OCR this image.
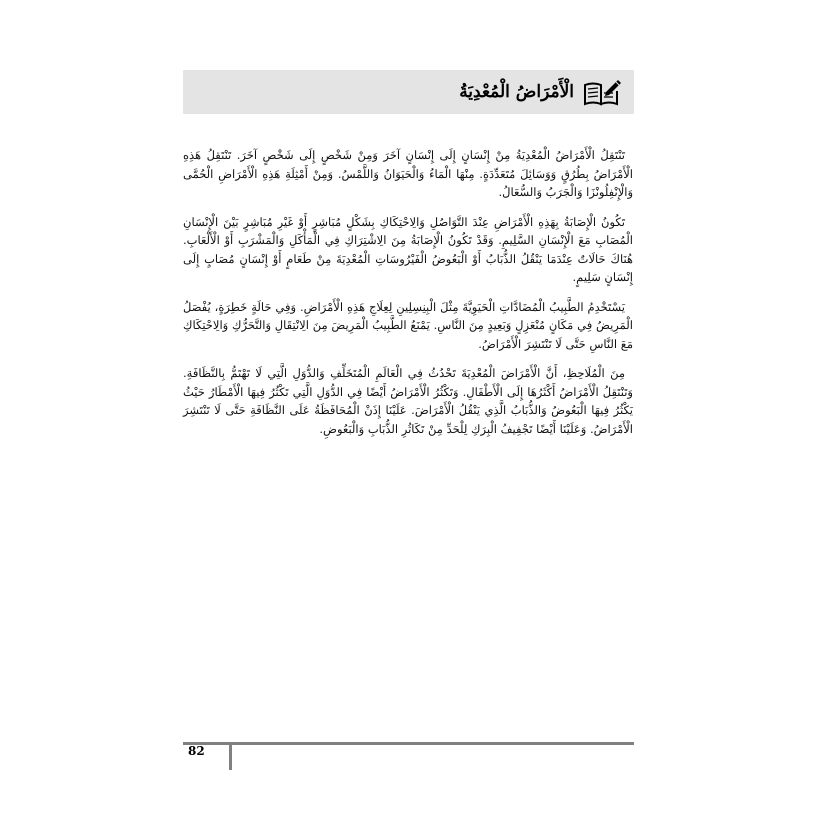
الْأَمْرَاضُ الْمُعْدِيَةُ

تَنْتَقِلُ الْأَمْرَاضُ الْمُعْدِيَةُ مِنْ إِنْسَانٍ إِلَى إِنْسَانٍ آخَرَ وَمِنْ شَخْصٍ إِلَى شَخْصٍ آخَرَ. تَنْتَقِلُ هَذِهِ الْأَمْرَاضُ بِطُرُقٍ وَوَسَائِلَ مُتَعَدِّدَةٍ. مِنْهَا الْمَاءُ وَالْحَيَوَانُ وَاللَّمْسُ. وَمِنْ أَمْثِلَةِ هَذِهِ الْأَمْرَاضِ الْحُمَّى وَالْإِنْفِلُونْزَا وَالْجَرَبُ وَالسُّعَالُ.

تَكُونُ الْإِصَابَةُ بِهَذِهِ الْأَمْرَاضِ عِنْدَ التَّوَاصُلِ وَالِاحْتِكَاكِ بِشَكْلٍ مُبَاشِرٍ أَوْ غَيْرِ مُبَاشِرٍ بَيْنَ الْإِنْسَانِ الْمُصَابِ مَعَ الْإِنْسَانِ السَّلِيمِ. وَقَدْ تَكُونُ الْإِصَابَةُ مِنَ الِاشْتِرَاكِ فِي الْمَأْكَلِ وَالْمَشْرَبِ أَوْ الْأَلْعَابِ. هُنَاكَ حَالَاتٌ عِنْدَمَا يَنْقُلُ الذُّبَابُ أَوْ الْبَعُوضُ الْفَيْرُوسَاتِ الْمُعْدِيَةَ مِنْ طَعَامٍ أَوْ إِنْسَانٍ مُصَابٍ إِلَى إِنْسَانٍ سَلِيمٍ.

يَسْتَخْدِمُ الطَّبِيبُ الْمُضَادَّاتِ الْحَيَوِيَّةَ مِثْلَ الْبِنِسِلِينِ لِعِلَاجِ هَذِهِ الْأَمْرَاضِ. وَفِي حَالَةٍ خَطِرَةٍ، يُفْصَلُ الْمَرِيضُ فِي مَكَانٍ مُنْعَزِلٍ وَبَعِيدٍ مِنَ النَّاسِ. يَمْنَعُ الطَّبِيبُ الْمَرِيضَ مِنَ الِانْتِقَالِ وَالتَّحَرُّكِ وَالِاحْتِكَاكِ مَعَ النَّاسِ حَتَّى لَا تَنْتَشِرَ الْأَمْرَاضُ.

مِنَ الْمُلَاحِظِ، أَنَّ الْأَمْرَاضَ الْمُعْدِيَةَ تَحْدُثُ فِي الْعَالَمِ الْمُتَخَلِّفِ وَالدُّوَلِ الَّتِي لَا تَهْتَمُّ بِالنَّظَافَةِ. وَتَنْتَقِلُ الْأَمْرَاضُ أَكْثَرُهَا إِلَى الْأَطْفَالِ. وَتَكْثُرُ الْأَمْرَاضُ أَيْضًا فِي الدُّوَلِ الَّتِي تَكْثُرُ فِيهَا الْأَمْطَارُ حَيْثُ يَكْثُرُ فِيهَا الْبَعُوضُ وَالذُّبَابُ الَّذِي يَنْقُلُ الْأَمْرَاضَ. عَلَيْنَا إِذَنْ الْمُحَافَظَةُ عَلَى النَّظَافَةِ حَتَّى لَا تَنْتَشِرَ الْأَمْرَاضُ. وَعَلَيْنَا أَيْضًا تَجْفِيفُ الْبِرَكِ لِلْحَدِّ مِنْ تَكَاثُرِ الذُّبَابِ وَالْبَعُوضِ.

82
